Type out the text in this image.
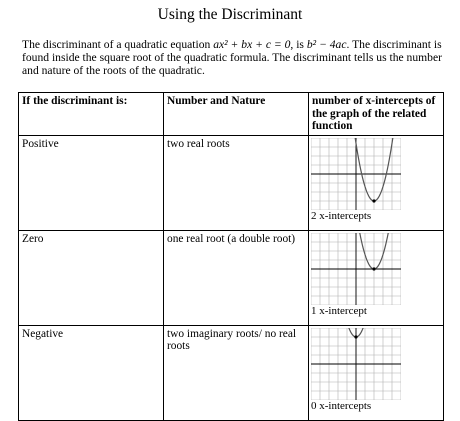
Using the Discriminant
The discriminant of a quadratic equation ax² + bx + c = 0, is b² − 4ac. The discriminant is found inside the square root of the quadratic formula. The discriminant tells us the number and nature of the roots of the quadratic.
If the discriminant is:	Number and Nature	number of x-intercepts of the graph of the related function
Positive	two real roots	2 x-intercepts

Zero	one real root (a double root)	1 x-intercept

Negative	two imaginary roots/ no real roots	0 x-intercepts
